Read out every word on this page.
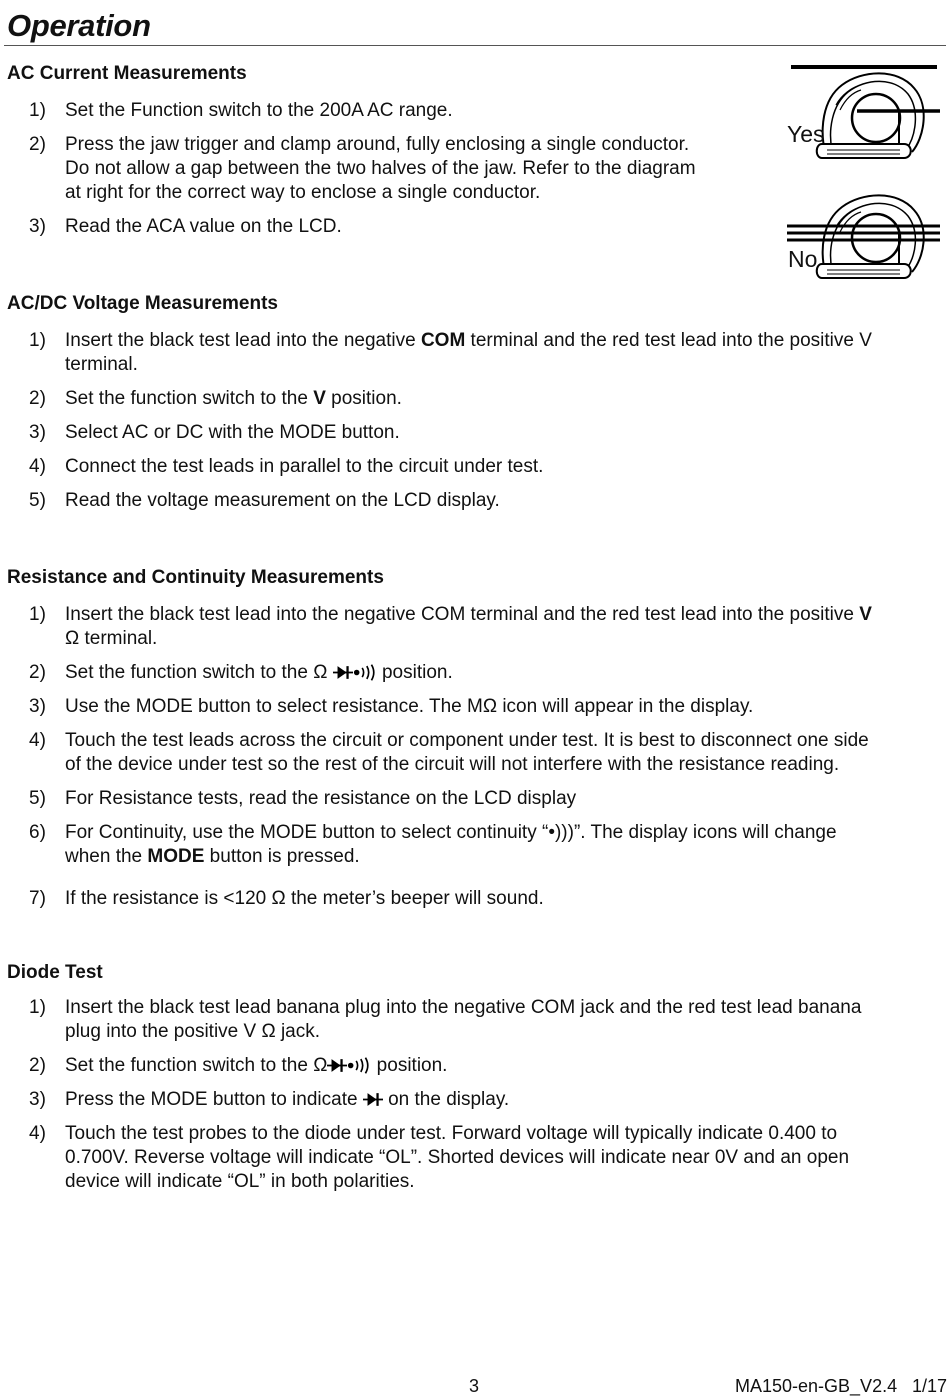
Operation
AC Current Measurements
1) Set the Function switch to the 200A AC range.
2) Press the jaw trigger and clamp around, fully enclosing a single conductor.
Do not allow a gap between the two halves of the jaw. Refer to the diagram
at right for the correct way to enclose a single conductor.
3) Read the ACA value on the LCD.
AC/DC Voltage Measurements
1) Insert the black test lead into the negative COM terminal and the red test lead into the positive V
terminal.
2) Set the function switch to the V position.
3) Select AC or DC with the MODE button.
4) Connect the test leads in parallel to the circuit under test.
5) Read the voltage measurement on the LCD display.
Resistance and Continuity Measurements
1) Insert the black test lead into the negative COM terminal and the red test lead into the positive V
Ω terminal.
2) Set the function switch to the Ω  position.
3) Use the MODE button to select resistance. The MΩ icon will appear in the display.
4) Touch the test leads across the circuit or component under test. It is best to disconnect one side
of the device under test so the rest of the circuit will not interfere with the resistance reading.
5) For Resistance tests, read the resistance on the LCD display
6) For Continuity, use the MODE button to select continuity “•)))”. The display icons will change
when the MODE button is pressed.
7) If the resistance is <120 Ω the meter’s beeper will sound.
Diode Test
1) Insert the black test lead banana plug into the negative COM jack and the red test lead banana
plug into the positive V Ω jack.
2) Set the function switch to the Ω position.
3) Press the MODE button to indicate  on the display.
4) Touch the test probes to the diode under test. Forward voltage will typically indicate 0.400 to
0.700V. Reverse voltage will indicate “OL”. Shorted devices will indicate near 0V and an open
device will indicate “OL” in both polarities.
Yes
No
3	MA150-en-GB_V2.4 1/17
